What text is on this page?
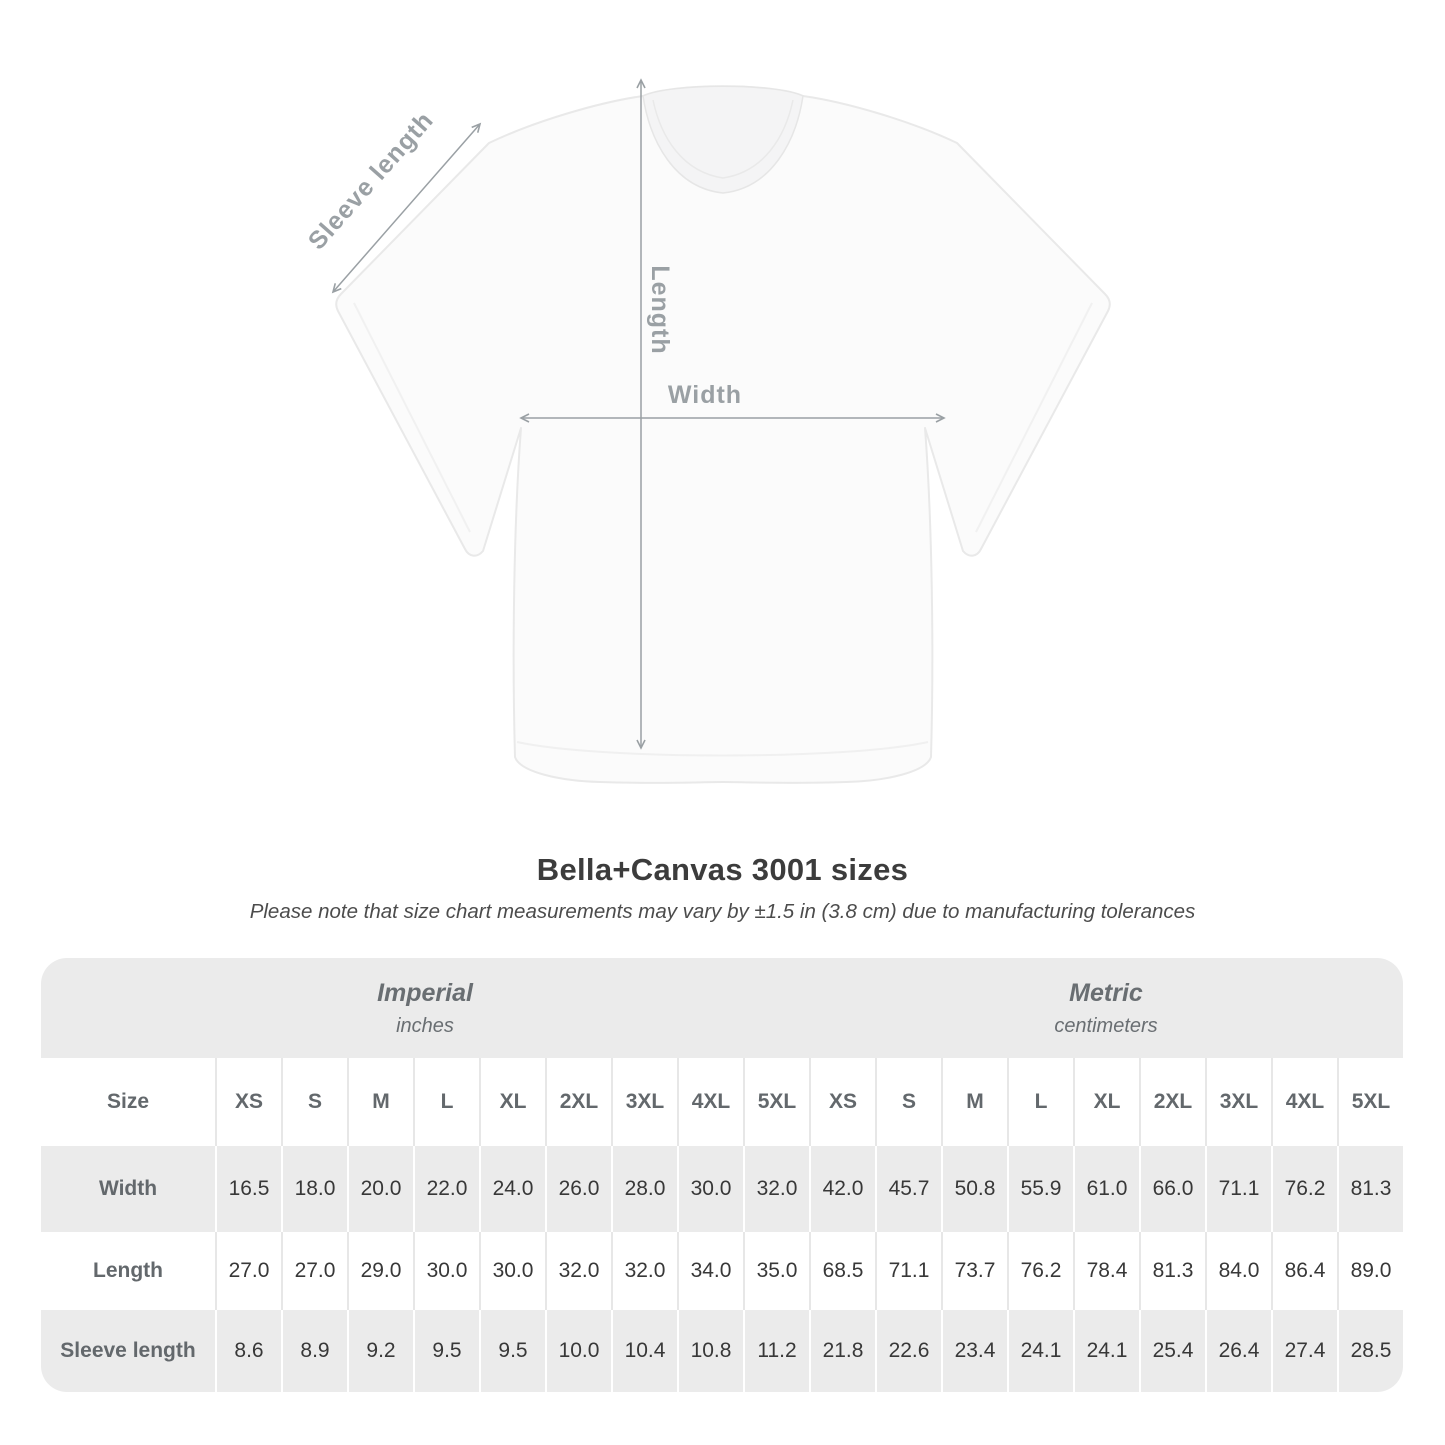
Sleeve length
Length
Width
Bella+Canvas 3001 sizes
Please note that size chart measurements may vary by ±1.5 in (3.8 cm) due to manufacturing tolerances
Imperial
inches
Metric
centimeters
Size	XS	S	M	L	XL	2XL	3XL	4XL	5XL	XS	S	M	L	XL	2XL	3XL	4XL	5XL
Width	16.5	18.0	20.0	22.0	24.0	26.0	28.0	30.0	32.0	42.0	45.7	50.8	55.9	61.0	66.0	71.1	76.2	81.3
Length	27.0	27.0	29.0	30.0	30.0	32.0	32.0	34.0	35.0	68.5	71.1	73.7	76.2	78.4	81.3	84.0	86.4	89.0
Sleeve length	8.6	8.9	9.2	9.5	9.5	10.0	10.4	10.8	11.2	21.8	22.6	23.4	24.1	24.1	25.4	26.4	27.4	28.5
